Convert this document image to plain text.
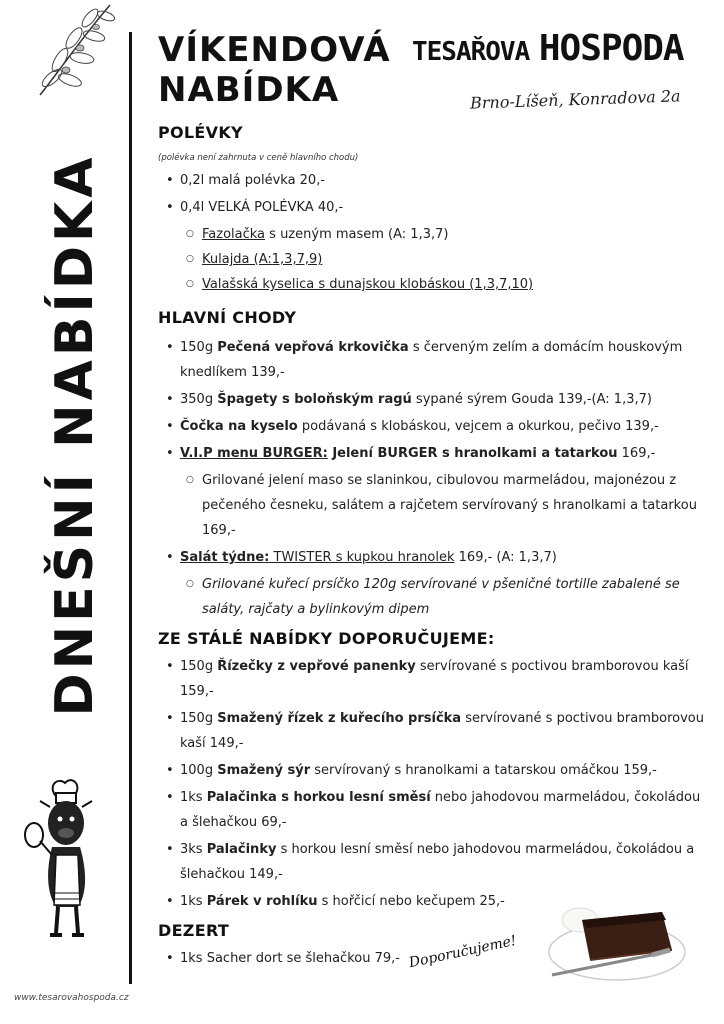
DNEŠNÍ NABÍDKA
VÍKENDOVÁ
NABÍDKA
TESAŘOVA HOSPODA
Brno-Líšeň, Konradova 2a
POLÉVKY
(polévka není zahrnuta v ceně hlavního chodu)
• 0,2l malá polévka 20,-
• 0,4l VELKÁ POLÉVKA 40,-
○ Fazolačka s uzeným masem (A: 1,3,7)
○ Kulajda (A:1,3,7,9)
○ Valašská kyselica s dunajskou klobáskou (1,3,7,10)
HLAVNÍ CHODY
• 150g Pečená vepřová krkovička s červeným zelím a domácím houskovým knedlíkem 139,-
• 350g Špagety s boloňským ragú sypané sýrem Gouda 139,-(A: 1,3,7)
• Čočka na kyselo podávaná s klobáskou, vejcem a okurkou, pečivo 139,-
• V.I.P menu BURGER: Jelení BURGER s hranolkami a tatarkou 169,-
○ Grilované jelení maso se slaninkou, cibulovou marmeládou, majonézou z pečeného česneku, salátem a rajčetem servírovaný s hranolkami a tatarkou 169,-
• Salát týdne: TWISTER s kupkou hranolek 169,- (A: 1,3,7)
○ Grilované kuřecí prsíčko 120g servírované v pšeničné tortille zabalené se saláty, rajčaty a bylinkovým dipem
ZE STÁLÉ NABÍDKY DOPORUČUJEME:
• 150g Řízečky z vepřové panenky servírované s poctivou bramborovou kaší 159,-
• 150g Smažený řízek z kuřecího prsíčka servírované s poctivou bramborovou kaší 149,-
• 100g Smažený sýr servírovaný s hranolkami a tatarskou omáčkou 159,-
• 1ks Palačinka s horkou lesní směsí nebo jahodovou marmeládou, čokoládou a šlehačkou 69,-
• 3ks Palačinky s horkou lesní směsí nebo jahodovou marmeládou, čokoládou a šlehačkou 149,-
• 1ks Párek v rohlíku s hořčicí nebo kečupem 25,-
DEZERT
• 1ks Sacher dort se šlehačkou 79,- Doporučujeme!
www.tesarovahospoda.cz
